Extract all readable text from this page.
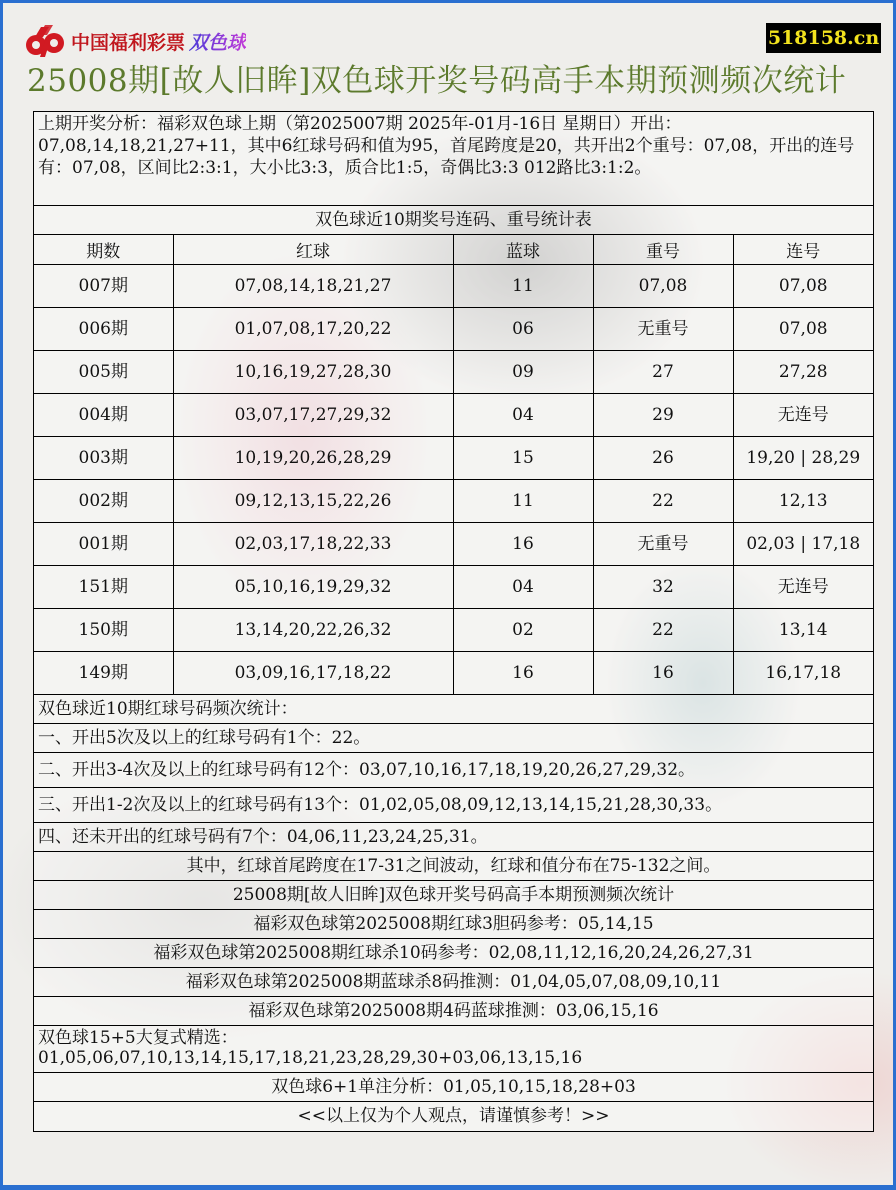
中国福利彩票 双色球	518158.cn
25008期[故人旧眸]双色球开奖号码高手本期预测频次统计
上期开奖分析：福彩双色球上期（第2025007期 2025年-01月-16日 星期日）开出：07,08,14,18,21,27+11，其中6红球号码和值为95，首尾跨度是20，共开出2个重号：07,08，开出的连号有：07,08，区间比2:3:1，大小比3:3，质合比1:5，奇偶比3:3 012路比3:1:2。
双色球近10期奖号连码、重号统计表
期数	红球	蓝球	重号	连号
007期	07,08,14,18,21,27	11	07,08	07,08
006期	01,07,08,17,20,22	06	无重号	07,08
005期	10,16,19,27,28,30	09	27	27,28
004期	03,07,17,27,29,32	04	29	无连号
003期	10,19,20,26,28,29	15	26	19,20 | 28,29
002期	09,12,13,15,22,26	11	22	12,13
001期	02,03,17,18,22,33	16	无重号	02,03 | 17,18
151期	05,10,16,19,29,32	04	32	无连号
150期	13,14,20,22,26,32	02	22	13,14
149期	03,09,16,17,18,22	16	16	16,17,18
双色球近10期红球号码频次统计：
一、开出5次及以上的红球号码有1个：22。
二、开出3-4次及以上的红球号码有12个：03,07,10,16,17,18,19,20,26,27,29,32。
三、开出1-2次及以上的红球号码有13个：01,02,05,08,09,12,13,14,15,21,28,30,33。
四、还未开出的红球号码有7个：04,06,11,23,24,25,31。
其中，红球首尾跨度在17-31之间波动，红球和值分布在75-132之间。
25008期[故人旧眸]双色球开奖号码高手本期预测频次统计
福彩双色球第2025008期红球3胆码参考：05,14,15
福彩双色球第2025008期红球杀10码参考：02,08,11,12,16,20,24,26,27,31
福彩双色球第2025008期蓝球杀8码推测：01,04,05,07,08,09,10,11
福彩双色球第2025008期4码蓝球推测：03,06,15,16
双色球15+5大复式精选：
01,05,06,07,10,13,14,15,17,18,21,23,28,29,30+03,06,13,15,16
双色球6+1单注分析：01,05,10,15,18,28+03
<<以上仅为个人观点，请谨慎参考！>>
